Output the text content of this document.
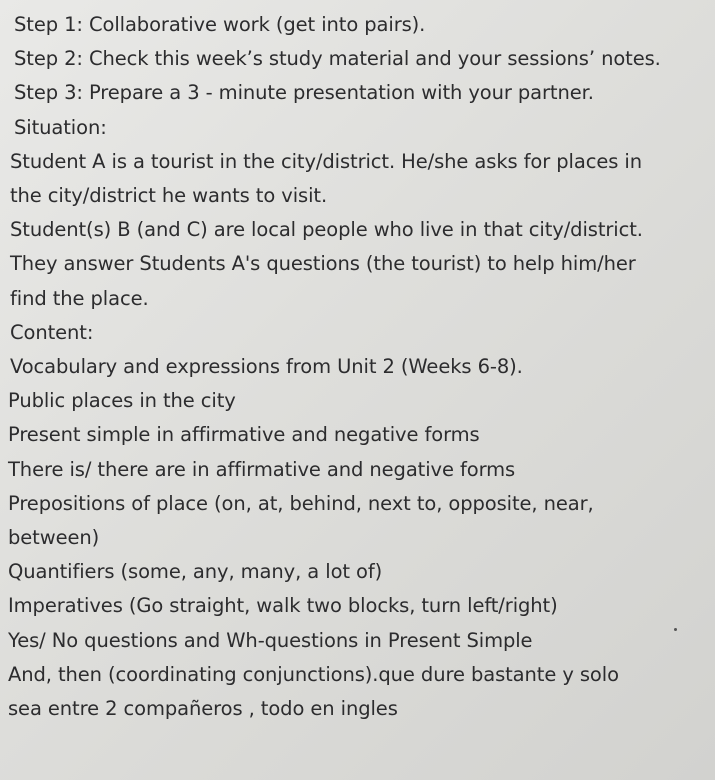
Step 1: Collaborative work (get into pairs).
Step 2: Check this week’s study material and your sessions’ notes.
Step 3: Prepare a 3 - minute presentation with your partner.
Situation:
Student A is a tourist in the city/district. He/she asks for places in
the city/district he wants to visit.
Student(s) B (and C) are local people who live in that city/district.
They answer Students A's questions (the tourist) to help him/her
find the place.
Content:
Vocabulary and expressions from Unit 2 (Weeks 6-8).
Public places in the city
Present simple in affirmative and negative forms
There is/ there are in affirmative and negative forms
Prepositions of place (on, at, behind, next to, opposite, near,
between)
Quantifiers (some, any, many, a lot of)
Imperatives (Go straight, walk two blocks, turn left/right)
Yes/ No questions and Wh-questions in Present Simple
And, then (coordinating conjunctions).que dure bastante y solo
sea entre 2 compañeros , todo en ingles
